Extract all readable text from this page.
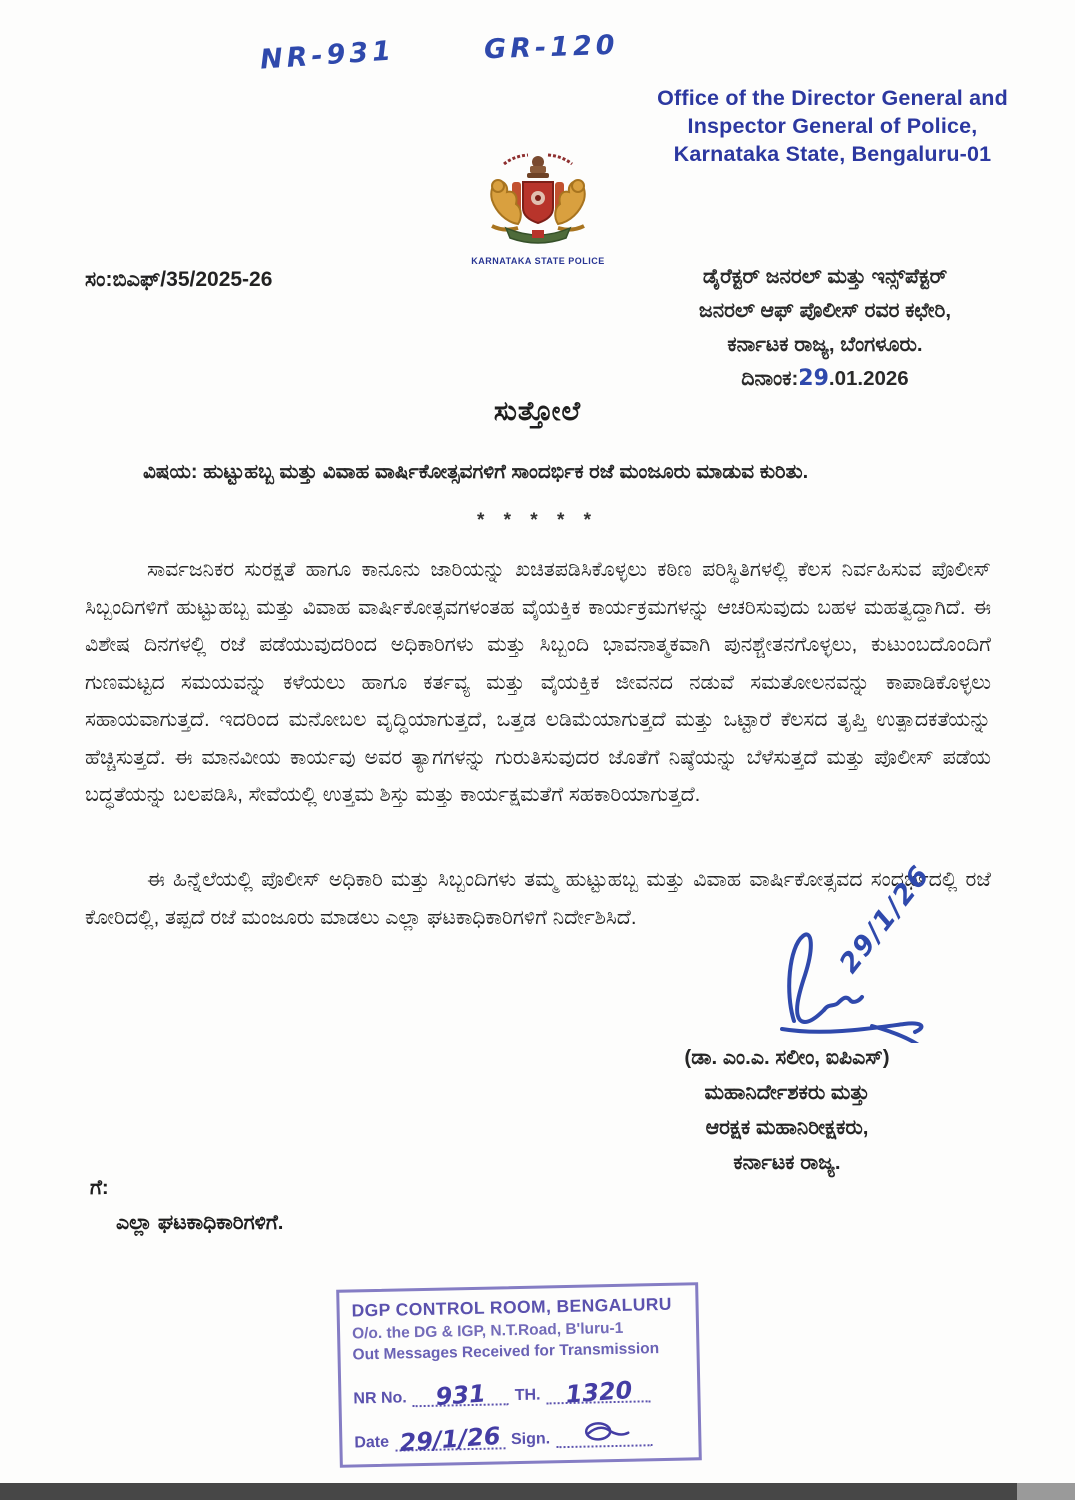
NR-931	GR-120
Office of the Director General and
Inspector General of Police,
Karnataka State, Bengaluru-01
KARNATAKA STATE POLICE
ಸಂ:ಬಿಎಫ್/35/2025-26	ಡೈರೆಕ್ಟರ್ ಜನರಲ್ ಮತ್ತು ಇನ್ಸ್‌ಪೆಕ್ಟರ್
ಜನರಲ್ ಆಫ್ ಪೊಲೀಸ್ ರವರ ಕಛೇರಿ,
ಕರ್ನಾಟಕ ರಾಜ್ಯ, ಬೆಂಗಳೂರು.
ದಿನಾಂಕ:29.01.2026
ಸುತ್ತೋಲೆ
ವಿಷಯ: ಹುಟ್ಟುಹಬ್ಬ ಮತ್ತು ವಿವಾಹ ವಾರ್ಷಿಕೋತ್ಸವಗಳಿಗೆ ಸಾಂದರ್ಭಿಕ ರಜೆ ಮಂಜೂರು ಮಾಡುವ ಕುರಿತು.
* * * * *
ಸಾರ್ವಜನಿಕರ ಸುರಕ್ಷತೆ ಹಾಗೂ ಕಾನೂನು ಜಾರಿಯನ್ನು ಖಚಿತಪಡಿಸಿಕೊಳ್ಳಲು ಕಠಿಣ ಪರಿಸ್ಥಿತಿಗಳಲ್ಲಿ ಕೆಲಸ ನಿರ್ವಹಿಸುವ ಪೊಲೀಸ್ ಸಿಬ್ಬಂದಿಗಳಿಗೆ ಹುಟ್ಟುಹಬ್ಬ ಮತ್ತು ವಿವಾಹ ವಾರ್ಷಿಕೋತ್ಸವಗಳಂತಹ ವೈಯಕ್ತಿಕ ಕಾರ್ಯಕ್ರಮಗಳನ್ನು ಆಚರಿಸುವುದು ಬಹಳ ಮಹತ್ವದ್ದಾಗಿದೆ. ಈ ವಿಶೇಷ ದಿನಗಳಲ್ಲಿ ರಜೆ ಪಡೆಯುವುದರಿಂದ ಅಧಿಕಾರಿಗಳು ಮತ್ತು ಸಿಬ್ಬಂದಿ ಭಾವನಾತ್ಮಕವಾಗಿ ಪುನಶ್ಚೇತನಗೊಳ್ಳಲು, ಕುಟುಂಬದೊಂದಿಗೆ ಗುಣಮಟ್ಟದ ಸಮಯವನ್ನು ಕಳೆಯಲು ಹಾಗೂ ಕರ್ತವ್ಯ ಮತ್ತು ವೈಯಕ್ತಿಕ ಜೀವನದ ನಡುವೆ ಸಮತೋಲನವನ್ನು ಕಾಪಾಡಿಕೊಳ್ಳಲು ಸಹಾಯವಾಗುತ್ತದೆ. ಇದರಿಂದ ಮನೋಬಲ ವೃದ್ಧಿಯಾಗುತ್ತದೆ, ಒತ್ತಡ ಲಡಿಮೆಯಾಗುತ್ತದೆ ಮತ್ತು ಒಟ್ಟಾರೆ ಕೆಲಸದ ತೃಪ್ತಿ ಉತ್ಪಾದಕತೆಯನ್ನು ಹೆಚ್ಚಿಸುತ್ತದೆ. ಈ ಮಾನವೀಯ ಕಾರ್ಯವು ಅವರ ತ್ಯಾಗಗಳನ್ನು ಗುರುತಿಸುವುದರ ಜೊತೆಗೆ ನಿಷ್ಠೆಯನ್ನು ಬೆಳೆಸುತ್ತದೆ ಮತ್ತು ಪೊಲೀಸ್ ಪಡೆಯ ಬದ್ಧತೆಯನ್ನು ಬಲಪಡಿಸಿ, ಸೇವೆಯಲ್ಲಿ ಉತ್ತಮ ಶಿಸ್ತು ಮತ್ತು ಕಾರ್ಯಕ್ಷಮತೆಗೆ ಸಹಕಾರಿಯಾಗುತ್ತದೆ.
ಈ ಹಿನ್ನೆಲೆಯಲ್ಲಿ ಪೊಲೀಸ್ ಅಧಿಕಾರಿ ಮತ್ತು ಸಿಬ್ಬಂದಿಗಳು ತಮ್ಮ ಹುಟ್ಟುಹಬ್ಬ ಮತ್ತು ವಿವಾಹ ವಾರ್ಷಿಕೋತ್ಸವದ ಸಂದರ್ಭದಲ್ಲಿ ರಜೆ ಕೋರಿದಲ್ಲಿ, ತಪ್ಪದೆ ರಜೆ ಮಂಜೂರು ಮಾಡಲು ಎಲ್ಲಾ ಘಟಕಾಧಿಕಾರಿಗಳಿಗೆ ನಿರ್ದೇಶಿಸಿದೆ.	29/1/26
(ಡಾ. ಎಂ.ಎ. ಸಲೀಂ, ಐಪಿಎಸ್)
ಮಹಾನಿರ್ದೇಶಕರು ಮತ್ತು
ಆರಕ್ಷಕ ಮಹಾನಿರೀಕ್ಷಕರು,
ಕರ್ನಾಟಕ ರಾಜ್ಯ.
ಗೆ:
ಎಲ್ಲಾ ಘಟಕಾಧಿಕಾರಿಗಳಿಗೆ.
DGP CONTROL ROOM, BENGALURU
O/o. the DG & IGP, N.T.Road, B'luru-1
Out Messages Received for Transmission
NR No.	931	TH. 1320
Date 29/1/26 Sign.
